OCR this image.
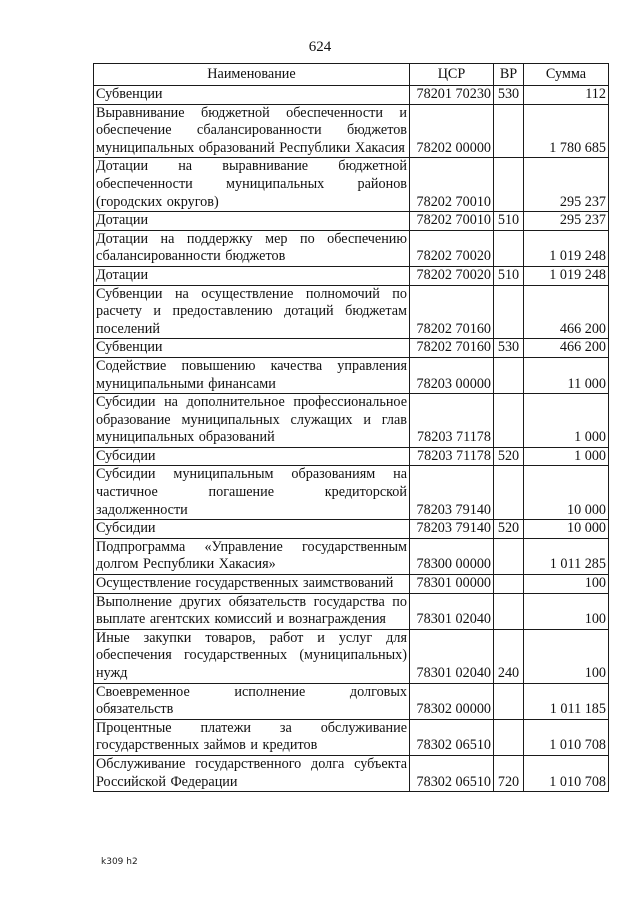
624
Наименование	ЦСР	ВР	Сумма
Субвенции	78201 70230	530	112
Выравнивание бюджетной обеспеченности и обеспечение сбалансированности бюджетов муниципальных образований Республики Хакасия	78202 00000		1 780 685
Дотации на выравнивание бюджетной обеспеченности муниципальных районов (городских округов)	78202 70010		295 237
Дотации	78202 70010	510	295 237
Дотации на поддержку мер по обеспечению сбалансированности бюджетов	78202 70020		1 019 248
Дотации	78202 70020	510	1 019 248
Субвенции на осуществление полномочий по расчету и предоставлению дотаций бюджетам поселений	78202 70160		466 200
Субвенции	78202 70160	530	466 200
Содействие повышению качества управления муниципальными финансами	78203 00000		11 000
Субсидии на дополнительное профессиональное образование муниципальных служащих и глав муниципальных образований	78203 71178		1 000
Субсидии	78203 71178	520	1 000
Субсидии муниципальным образованиям на частичное погашение кредиторской задолженности	78203 79140		10 000
Субсидии	78203 79140	520	10 000
Подпрограмма «Управление государственным долгом Республики Хакасия»	78300 00000		1 011 285
Осуществление государственных заимствований	78301 00000		100
Выполнение других обязательств государства по выплате агентских комиссий и вознаграждения	78301 02040		100
Иные закупки товаров, работ и услуг для обеспечения государственных (муниципальных) нужд	78301 02040	240	100
Своевременное исполнение долговых обязательств	78302 00000		1 011 185
Процентные платежи за обслуживание государственных займов и кредитов	78302 06510		1 010 708
Обслуживание государственного долга субъекта Российской Федерации	78302 06510	720	1 010 708
k309 h2
